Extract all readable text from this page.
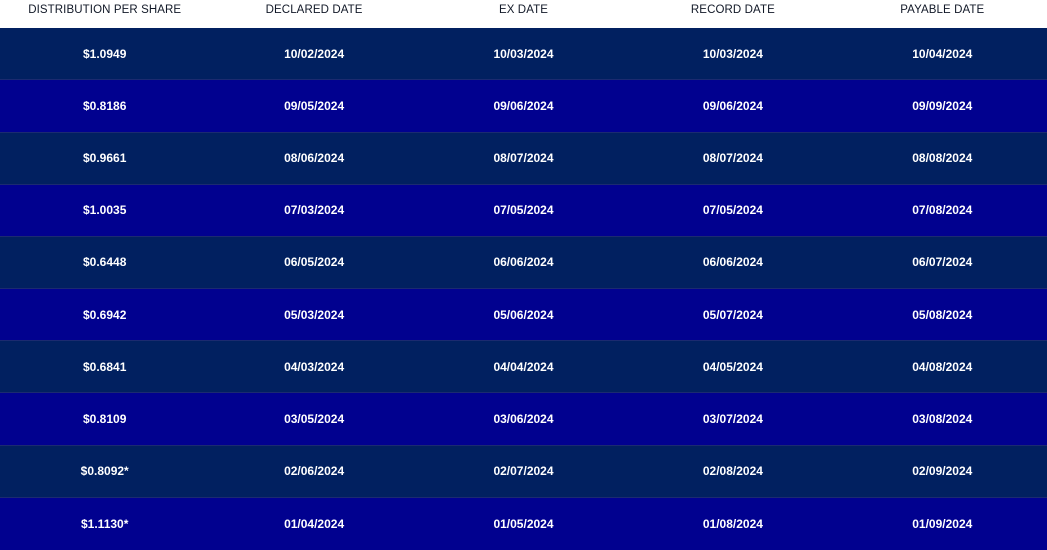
DISTRIBUTION PER SHARE	DECLARED DATE	EX DATE	RECORD DATE	PAYABLE DATE
$1.0949	10/02/2024	10/03/2024	10/03/2024	10/04/2024
$0.8186	09/05/2024	09/06/2024	09/06/2024	09/09/2024
$0.9661	08/06/2024	08/07/2024	08/07/2024	08/08/2024
$1.0035	07/03/2024	07/05/2024	07/05/2024	07/08/2024
$0.6448	06/05/2024	06/06/2024	06/06/2024	06/07/2024
$0.6942	05/03/2024	05/06/2024	05/07/2024	05/08/2024
$0.6841	04/03/2024	04/04/2024	04/05/2024	04/08/2024
$0.8109	03/05/2024	03/06/2024	03/07/2024	03/08/2024
$0.8092*	02/06/2024	02/07/2024	02/08/2024	02/09/2024
$1.1130*	01/04/2024	01/05/2024	01/08/2024	01/09/2024
